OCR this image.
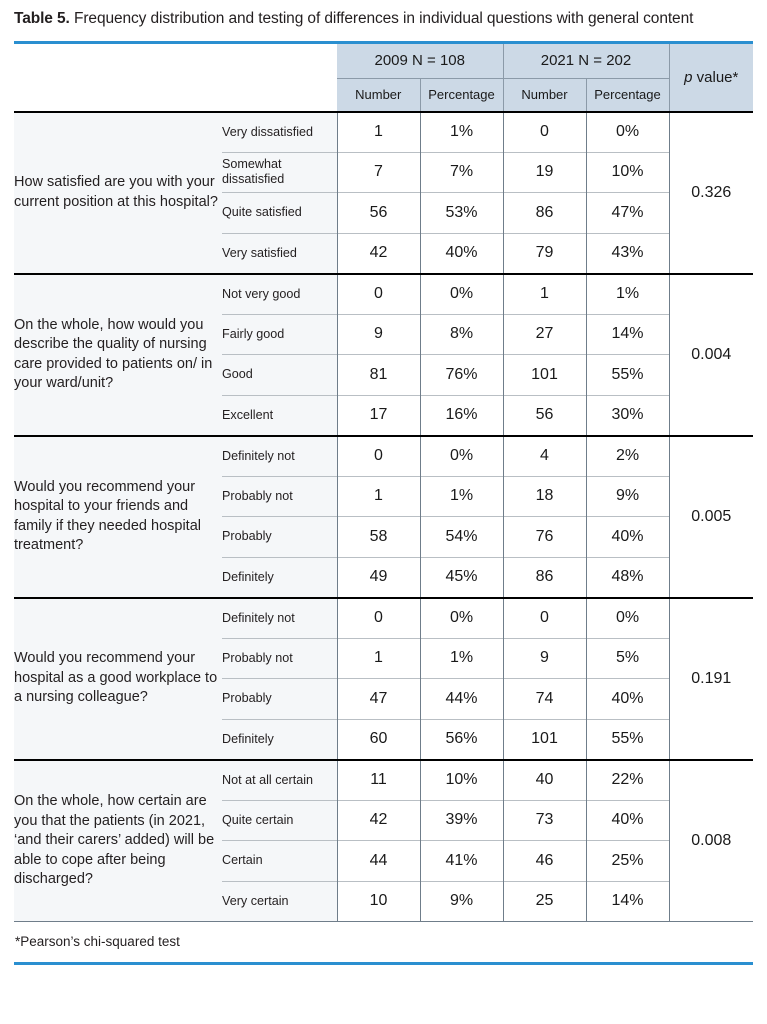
Table 5. Frequency distribution and testing of differences in individual questions with general content
		2009 N = 108		2021 N = 202		p value*
		Number	Percentage	Number	Percentage	
How satisfied are you with your current position at this hospital?	Very dissatisfied	1	1%	0	0%	0.326
	Somewhat dissatisfied	7	7%	19	10%	
	Quite satisfied	56	53%	86	47%	
	Very satisfied	42	40%	79	43%	
On the whole, how would you describe the quality of nursing care provided to patients on/ in your ward/unit?	Not very good	0	0%	1	1%	0.004
	Fairly good	9	8%	27	14%	
	Good	81	76%	101	55%	
	Excellent	17	16%	56	30%	
Would you recommend your hospital to your friends and family if they needed hospital treatment?	Definitely not	0	0%	4	2%	0.005
	Probably not	1	1%	18	9%	
	Probably	58	54%	76	40%	
	Definitely	49	45%	86	48%	
Would you recommend your hospital as a good workplace to a nursing colleague?	Definitely not	0	0%	0	0%	0.191
	Probably not	1	1%	9	5%	
	Probably	47	44%	74	40%	
	Definitely	60	56%	101	55%	
On the whole, how certain are you that the patients (in 2021, ‘and their carers’ added) will be able to cope after being discharged?	Not at all certain	11	10%	40	22%	0.008
	Quite certain	42	39%	73	40%	
	Certain	44	41%	46	25%	
	Very certain	10	9%	25	14%	

*Pearson’s chi-squared test
